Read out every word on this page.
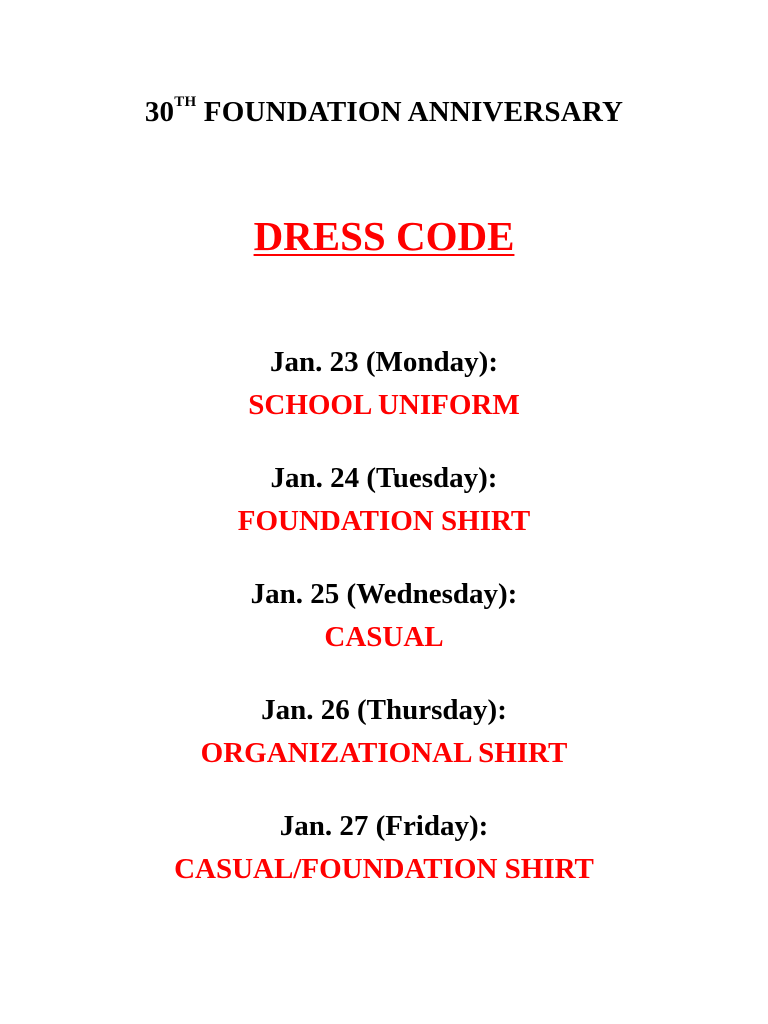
30TH FOUNDATION ANNIVERSARY
DRESS CODE
Jan. 23 (Monday):
SCHOOL UNIFORM
Jan. 24 (Tuesday):
FOUNDATION SHIRT
Jan. 25 (Wednesday):
CASUAL
Jan. 26 (Thursday):
ORGANIZATIONAL SHIRT
Jan. 27 (Friday):
CASUAL/FOUNDATION SHIRT
